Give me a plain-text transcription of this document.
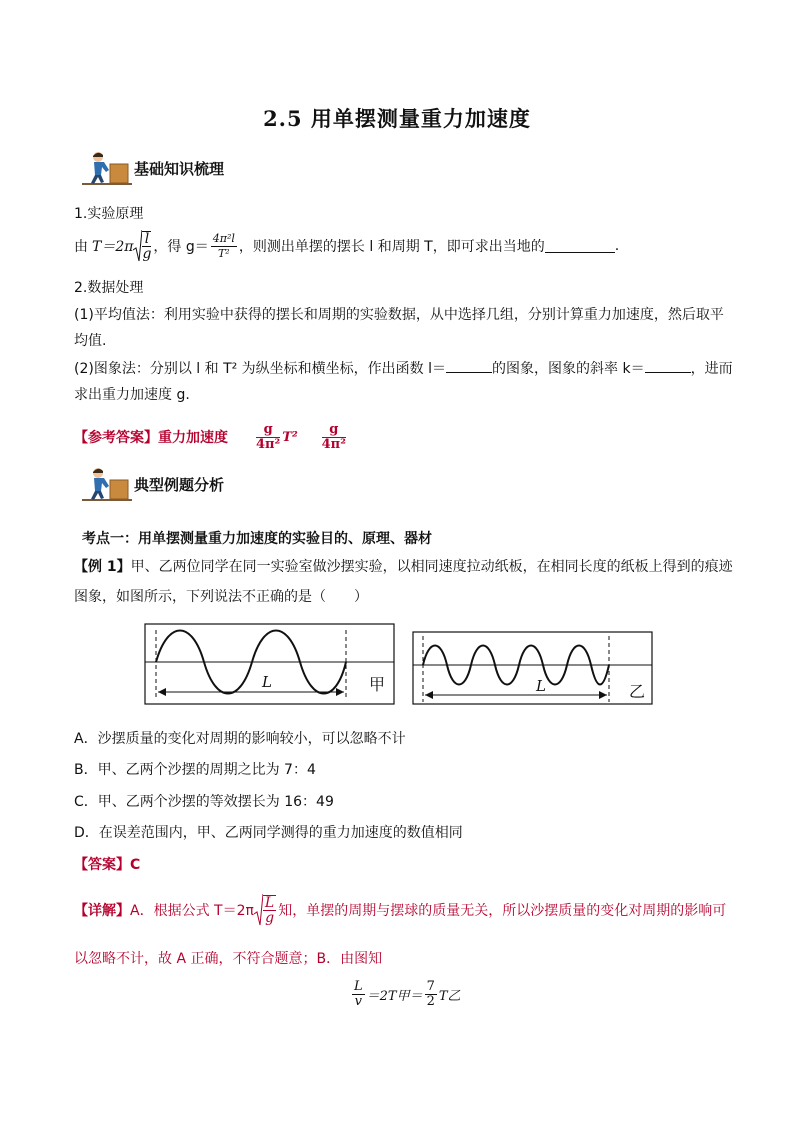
2.5 用单摆测量重力加速度
基础知识梳理
1.实验原理
由 $T=2\pi \frac{l}{g}$ ，得 $g= \frac{\text{4π²l}}{\text{T²}}$ ，则测出单摆的摆长 l 和周期 T，即可求出当地的	.
2.数据处理
(1)平均值法：利用实验中获得的摆长和周期的实验数据，从中选择几组，分别计算重力加速度，然后取平
均值.
(2)图象法：分别以 l 和 T² 为纵坐标和横坐标，作出函数 l＝	的图象，图象的斜率 k＝	，进而
求出重力加速度 g.
【参考答案】 重力加速度 $\frac{g}{\text{4π²}} T^2 \frac{g}{\text{4π²}}$
典型例题分析
考点一：用单摆测量重力加速度的实验目的、原理、器材
【例 1】甲、乙两位同学在同一实验室做沙摆实验，以相同速度拉动纸板，在相同长度的纸板上得到的痕迹
图象，如图所示，下列说法不正确的是（　　）
L	甲	L	乙
A．沙摆质量的变化对周期的影响较小，可以忽略不计
B．甲、乙两个沙摆的周期之比为 7：4
C．甲、乙两个沙摆的等效摆长为 16：49
D．在误差范围内，甲、乙两同学测得的重力加速度的数值相同
【答案】C
【详解】 A．根据公式 $T=2\pi \frac{L}{g}$ 知，单摆的周期与摆球的质量无关，所以沙摆质量的变化对周期的影响可
以忽略不计，故 A 正确，不符合题意；B．由图知
$\frac{L}{v} =2T$甲＝ $\frac{7}{2}$ T乙
